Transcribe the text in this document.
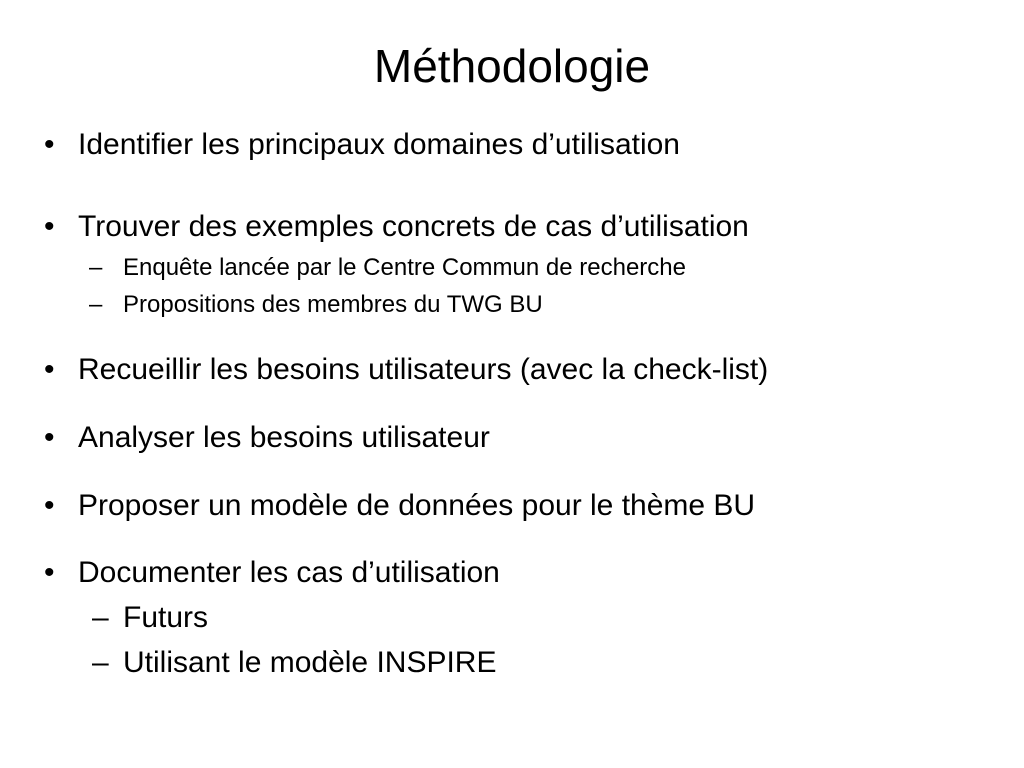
Méthodologie
• Identifier les principaux domaines d’utilisation
• Trouver des exemples concrets de cas d’utilisation
– Enquête lancée par le Centre Commun de recherche
– Propositions des membres du TWG BU
• Recueillir les besoins utilisateurs (avec la check-list)
• Analyser les besoins utilisateur
• Proposer un modèle de données pour le thème BU
• Documenter les cas d’utilisation
– Futurs
– Utilisant le modèle INSPIRE
